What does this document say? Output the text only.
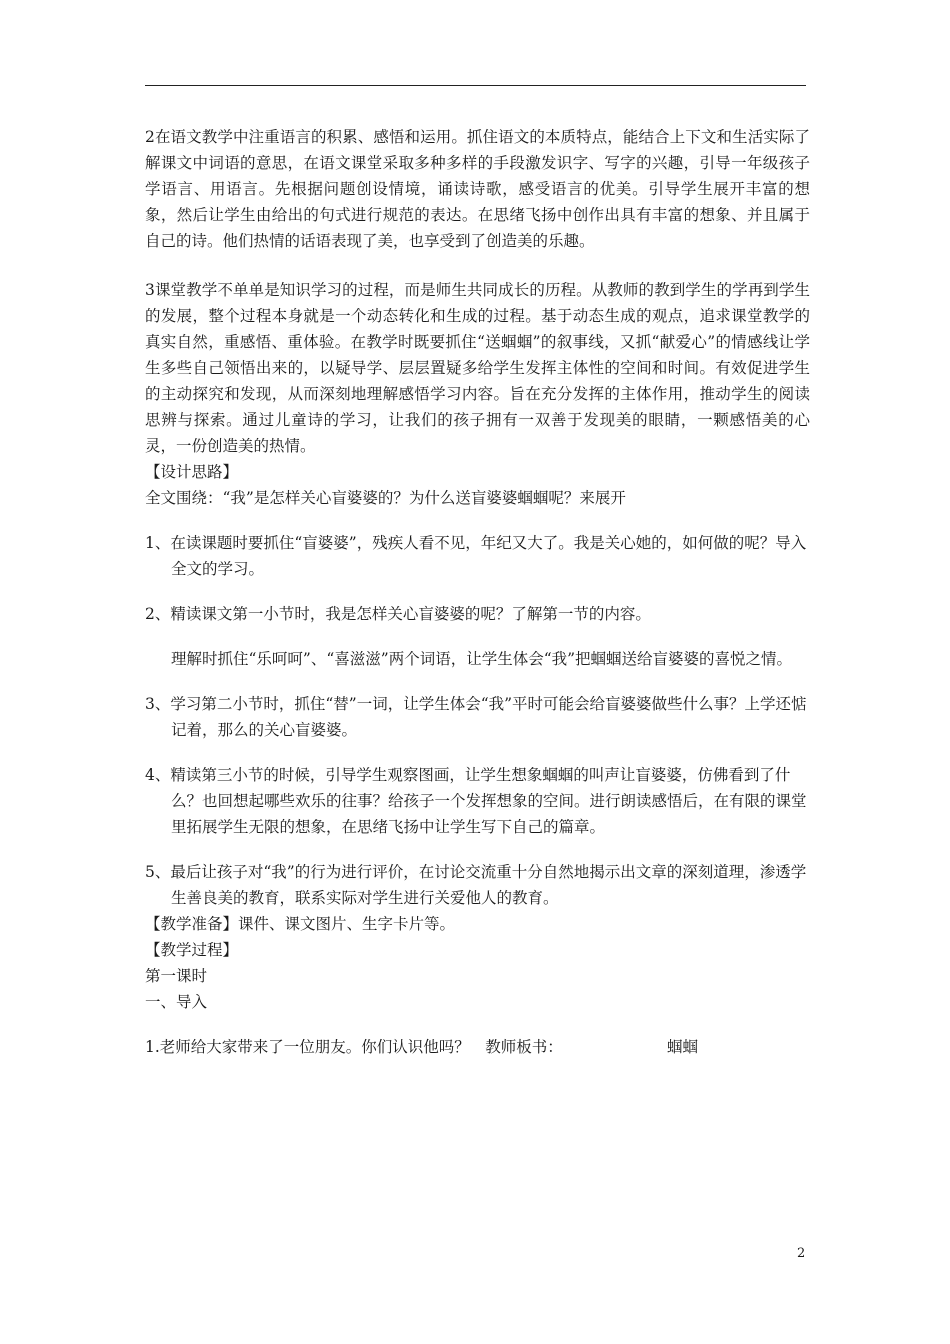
2在语文教学中注重语言的积累、感悟和运用。抓住语文的本质特点，能结合上下文和生活实际了解课文中词语的意思，在语文课堂采取多种多样的手段激发识字、写字的兴趣，引导一年级孩子学语言、用语言。先根据问题创设情境，诵读诗歌，感受语言的优美。引导学生展开丰富的想象，然后让学生由给出的句式进行规范的表达。在思绪飞扬中创作出具有丰富的想象、并且属于自己的诗。他们热情的话语表现了美，也享受到了创造美的乐趣。

3课堂教学不单单是知识学习的过程，而是师生共同成长的历程。从教师的教到学生的学再到学生的发展，整个过程本身就是一个动态转化和生成的过程。基于动态生成的观点，追求课堂教学的真实自然，重感悟、重体验。在教学时既要抓住“送蝈蝈”的叙事线，又抓“献爱心”的情感线让学生多些自己领悟出来的，以疑导学、层层置疑多给学生发挥主体性的空间和时间。有效促进学生的主动探究和发现，从而深刻地理解感悟学习内容。旨在充分发挥的主体作用，推动学生的阅读思辨与探索。通过儿童诗的学习，让我们的孩子拥有一双善于发现美的眼睛，一颗感悟美的心灵，一份创造美的热情。

【设计思路】

全文围绕：“我”是怎样关心盲婆婆的？为什么送盲婆婆蝈蝈呢？来展开

1、在读课题时要抓住“盲婆婆”，残疾人看不见，年纪又大了。我是关心她的，如何做的呢？导入全文的学习。

2、精读课文第一小节时，我是怎样关心盲婆婆的呢？了解第一节的内容。

理解时抓住“乐呵呵”、“喜滋滋”两个词语，让学生体会“我”把蝈蝈送给盲婆婆的喜悦之情。

3、学习第二小节时，抓住“替”一词，让学生体会“我”平时可能会给盲婆婆做些什么事？上学还惦记着，那么的关心盲婆婆。

4、精读第三小节的时候，引导学生观察图画，让学生想象蝈蝈的叫声让盲婆婆，仿佛看到了什么？也回想起哪些欢乐的往事？给孩子一个发挥想象的空间。进行朗读感悟后，在有限的课堂里拓展学生无限的想象，在思绪飞扬中让学生写下自己的篇章。

5、最后让孩子对“我”的行为进行评价，在讨论交流重十分自然地揭示出文章的深刻道理，渗透学生善良美的教育，联系实际对学生进行关爱他人的教育。

【教学准备】课件、课文图片、生字卡片等。

【教学过程】

第一课时

一、导入

1.老师给大家带来了一位朋友。你们认识他吗？　教师板书：	蝈蝈

2
